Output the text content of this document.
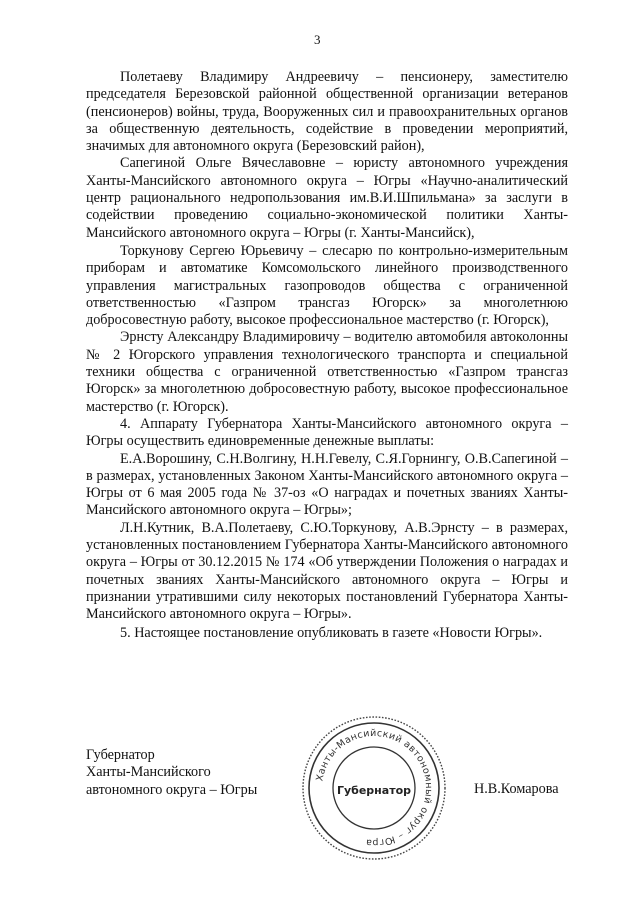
3

Полетаеву Владимиру Андреевичу – пенсионеру, заместителю председателя Березовской районной общественной организации ветеранов (пенсионеров) войны, труда, Вооруженных сил и правоохранительных органов за общественную деятельность, содействие в проведении мероприятий, значимых для автономного округа (Березовский район),

Сапегиной Ольге Вячеславовне – юристу автономного учреждения Ханты-Мансийского автономного округа – Югры «Научно-аналитический центр рационального недропользования им.В.И.Шпильмана» за заслуги в содействии проведению социально-экономической политики Ханты-Мансийского автономного округа – Югры (г. Ханты-Мансийск),

Торкунову Сергею Юрьевичу – слесарю по контрольно-измерительным приборам и автоматике Комсомольского линейного производственного управления магистральных газопроводов общества с ограниченной ответственностью «Газпром трансгаз Югорск» за многолетнюю добросовестную работу, высокое профессиональное мастерство (г. Югорск),

Эрнсту Александру Владимировичу – водителю автомобиля автоколонны № 2 Югорского управления технологического транспорта и специальной техники общества с ограниченной ответственностью «Газпром трансгаз Югорск» за многолетнюю добросовестную работу, высокое профессиональное мастерство (г. Югорск).

4. Аппарату Губернатора Ханты-Мансийского автономного округа – Югры осуществить единовременные денежные выплаты:

Е.А.Ворошину, С.Н.Волгину, Н.Н.Гевелу, С.Я.Горнингу, О.В.Сапегиной – в размерах, установленных Законом Ханты-Мансийского автономного округа – Югры от 6 мая 2005 года № 37-оз «О наградах и почетных званиях Ханты-Мансийского автономного округа – Югры»;

Л.Н.Кутник, В.А.Полетаеву, С.Ю.Торкунову, А.В.Эрнсту – в размерах, установленных постановлением Губернатора Ханты-Мансийского автономного округа – Югры от 30.12.2015 № 174 «Об утверждении Положения о наградах и почетных званиях Ханты-Мансийского автономного округа – Югры и признании утратившими силу некоторых постановлений Губернатора Ханты-Мансийского автономного округа – Югры».

5. Настоящее постановление опубликовать в газете «Новости Югры».

Губернатор
Ханты-Мансийского
автономного округа – Югры
Ханты-Мансийский автономный округ – Югра
Губернатор	Н.В.Комарова
